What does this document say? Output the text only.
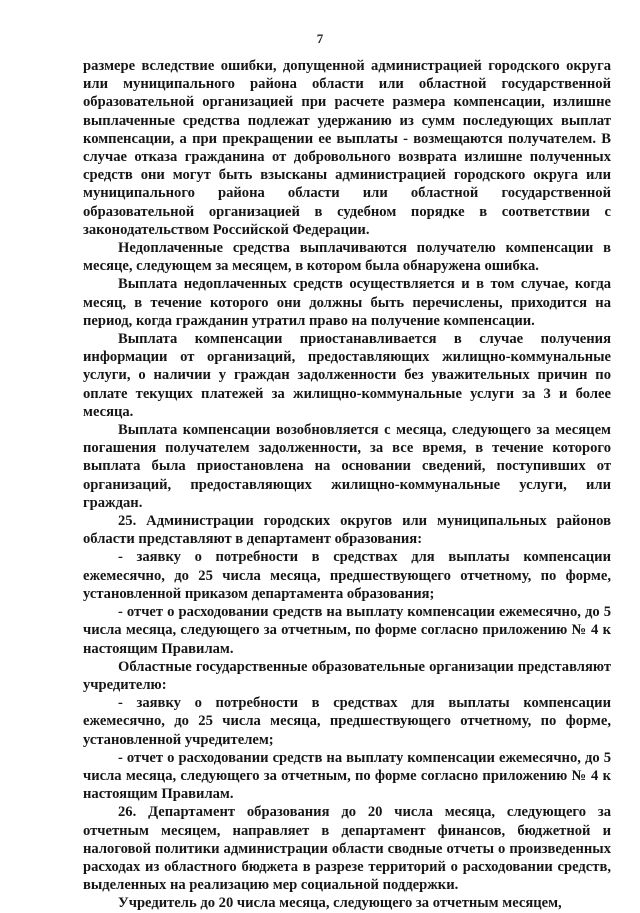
7

размере вследствие ошибки, допущенной администрацией городского округа или муниципального района области или областной государственной образовательной организацией при расчете размера компенсации, излишне выплаченные средства подлежат удержанию из сумм последующих выплат компенсации, а при прекращении ее выплаты - возмещаются получателем. В случае отказа гражданина от добровольного возврата излишне полученных средств они могут быть взысканы администрацией городского округа или муниципального района области или областной государственной образовательной организацией в судебном порядке в соответствии с законодательством Российской Федерации.

Недоплаченные средства выплачиваются получателю компенсации в месяце, следующем за месяцем, в котором была обнаружена ошибка.

Выплата недоплаченных средств осуществляется и в том случае, когда месяц, в течение которого они должны быть перечислены, приходится на период, когда гражданин утратил право на получение компенсации.

Выплата компенсации приостанавливается в случае получения информации от организаций, предоставляющих жилищно-коммунальные услуги, о наличии у граждан задолженности без уважительных причин по оплате текущих платежей за жилищно-коммунальные услуги за 3 и более месяца.

Выплата компенсации возобновляется с месяца, следующего за месяцем погашения получателем задолженности, за все время, в течение которого выплата была приостановлена на основании сведений, поступивших от организаций, предоставляющих жилищно-коммунальные услуги, или граждан.

25. Администрации городских округов или муниципальных районов области представляют в департамент образования:

- заявку о потребности в средствах для выплаты компенсации ежемесячно, до 25 числа месяца, предшествующего отчетному, по форме, установленной приказом департамента образования;

- отчет о расходовании средств на выплату компенсации ежемесячно, до 5 числа месяца, следующего за отчетным, по форме согласно приложению № 4 к настоящим Правилам.

Областные государственные образовательные организации представляют учредителю:

- заявку о потребности в средствах для выплаты компенсации ежемесячно, до 25 числа месяца, предшествующего отчетному, по форме, установленной учредителем;

- отчет о расходовании средств на выплату компенсации ежемесячно, до 5 числа месяца, следующего за отчетным, по форме согласно приложению № 4 к настоящим Правилам.

26. Департамент образования до 20 числа месяца, следующего за отчетным месяцем, направляет в департамент финансов, бюджетной и налоговой политики администрации области сводные отчеты о произведенных расходах из областного бюджета в разрезе территорий о расходовании средств, выделенных на реализацию мер социальной поддержки.

Учредитель до 20 числа месяца, следующего за отчетным месяцем,
